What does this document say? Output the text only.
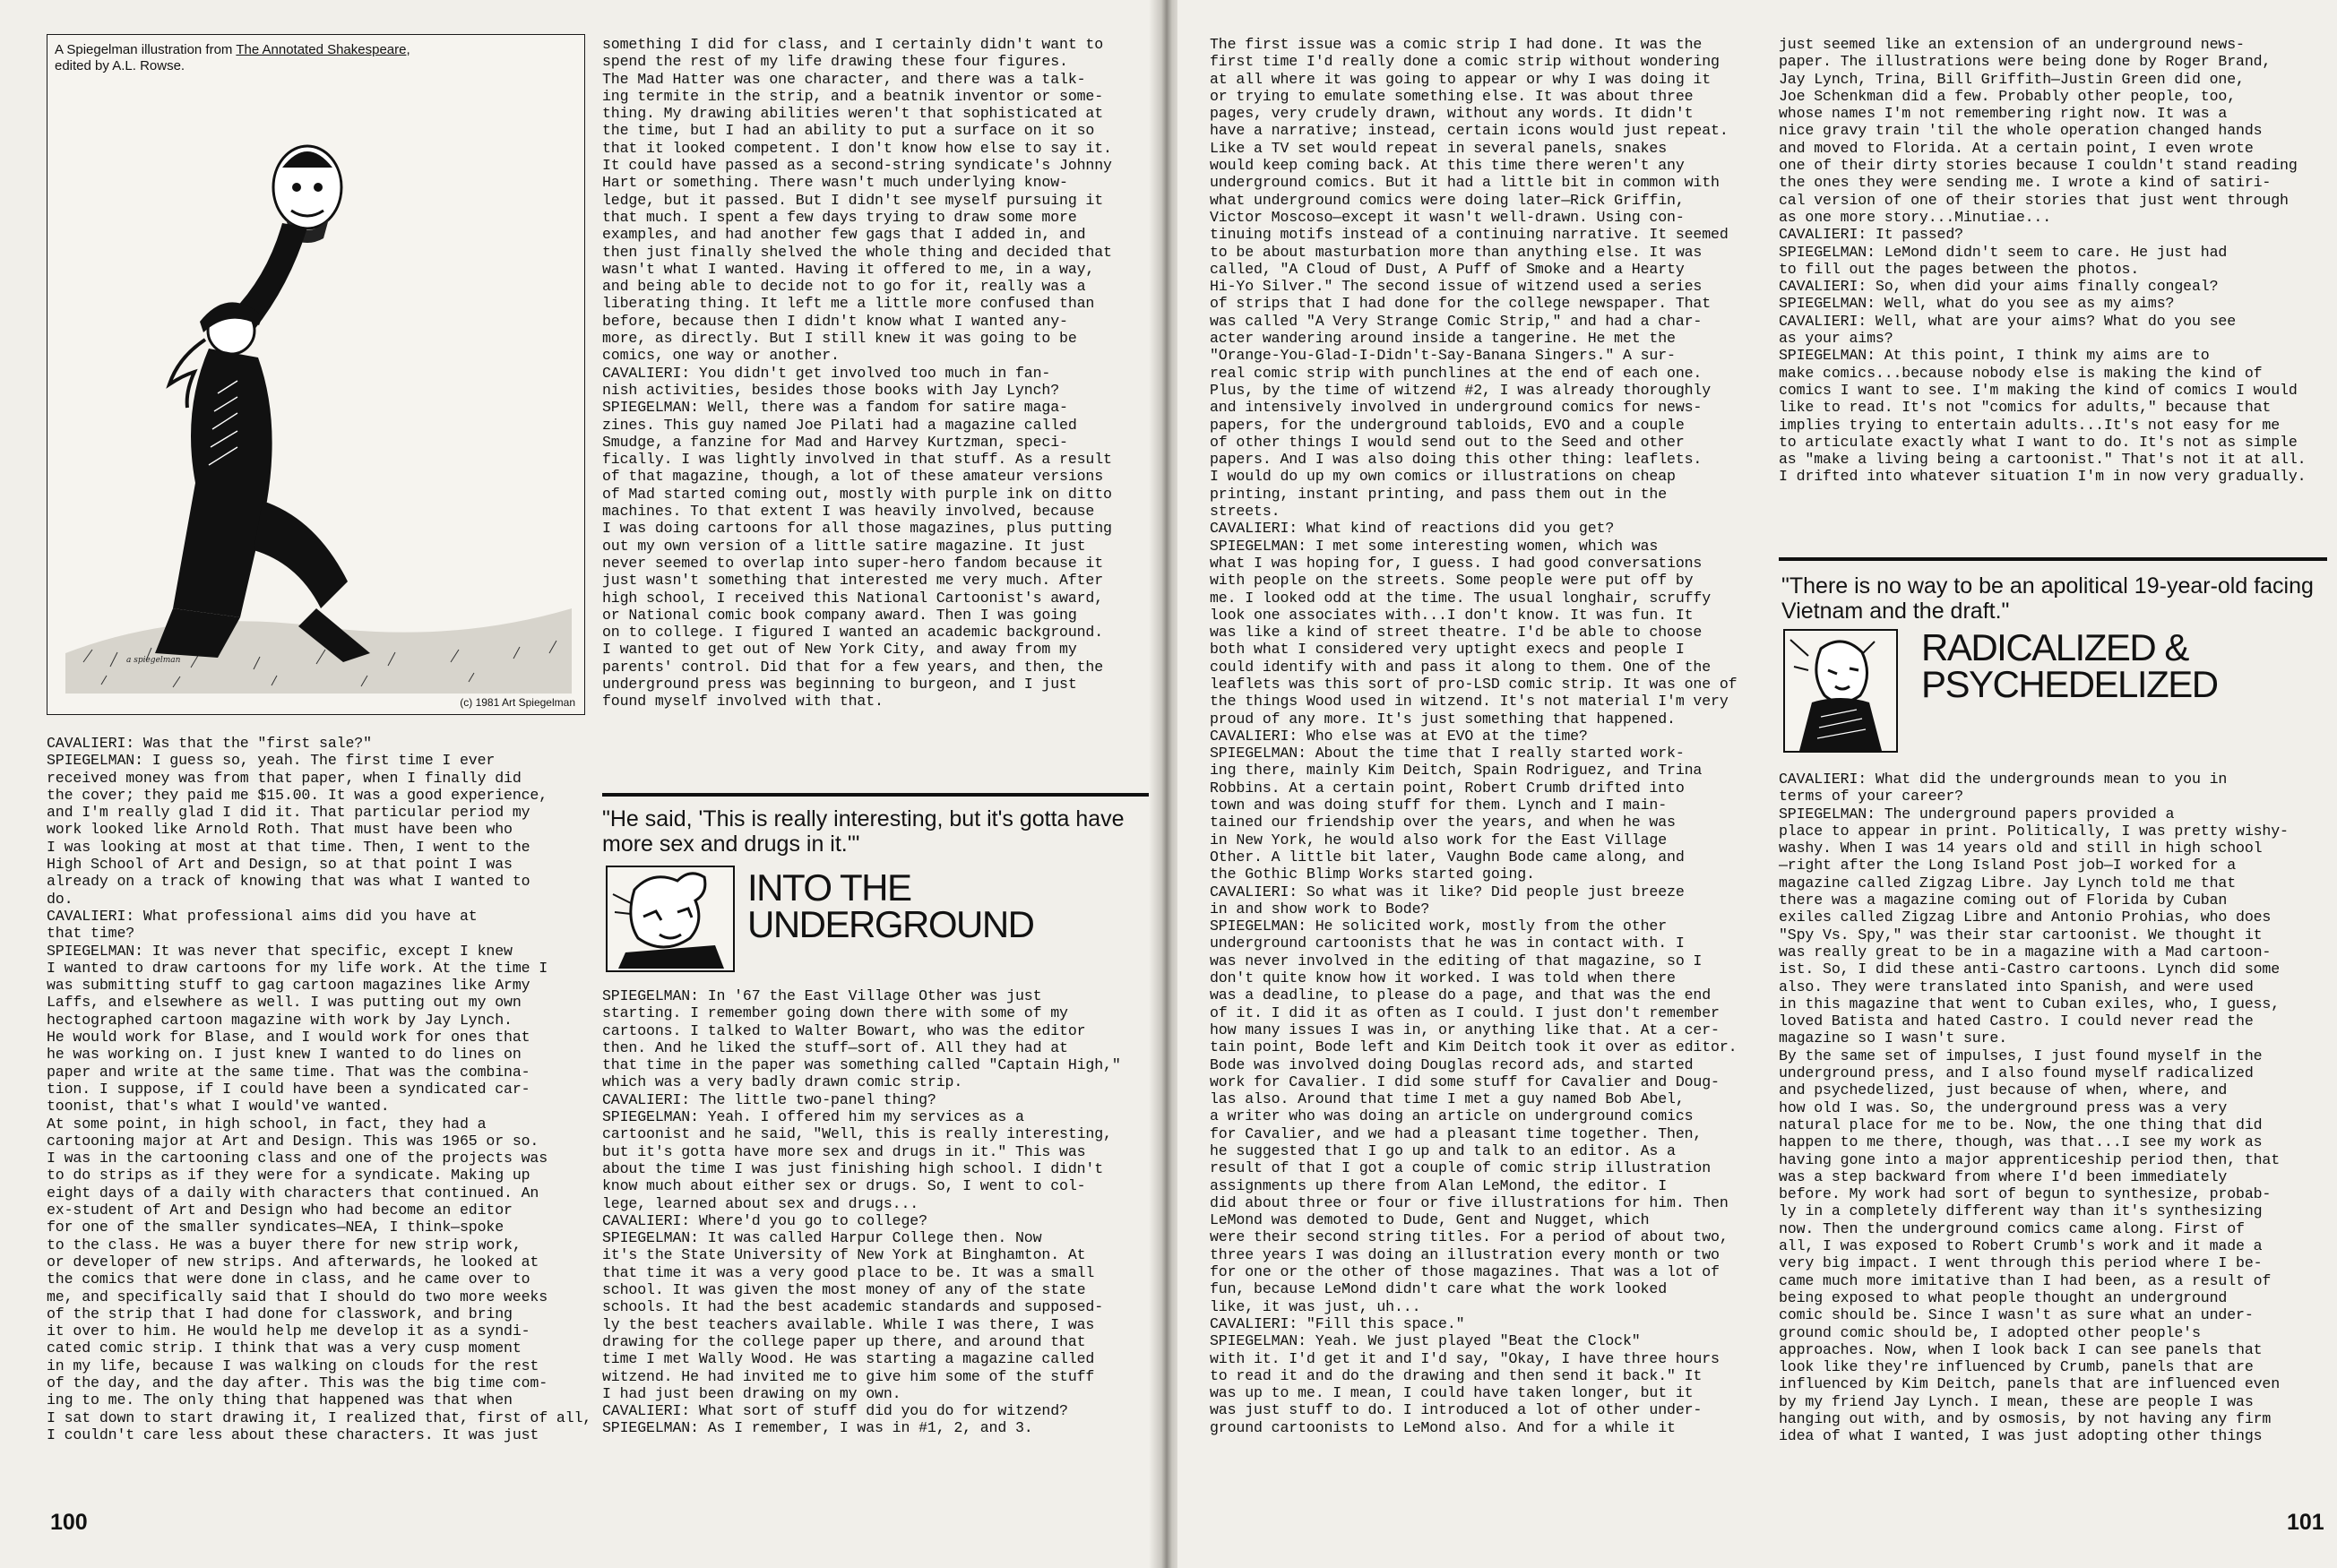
A Spiegelman illustration from The Annotated Shakespeare,
edited by A.L. Rowse.
a spiegelman
(c) 1981 Art Spiegelman
something I did for class, and I certainly didn't want to
spend the rest of my life drawing these four figures.
The Mad Hatter was one character, and there was a talk-
ing termite in the strip, and a beatnik inventor or some-
thing. My drawing abilities weren't that sophisticated at
the time, but I had an ability to put a surface on it so
that it looked competent. I don't know how else to say it.
It could have passed as a second-string syndicate's Johnny
Hart or something. There wasn't much underlying know-
ledge, but it passed. But I didn't see myself pursuing it
that much. I spent a few days trying to draw some more
examples, and had another few gags that I added in, and
then just finally shelved the whole thing and decided that
wasn't what I wanted. Having it offered to me, in a way,
and being able to decide not to go for it, really was a
liberating thing. It left me a little more confused than
before, because then I didn't know what I wanted any-
more, as directly. But I still knew it was going to be
comics, one way or another.
CAVALIERI: You didn't get involved too much in fan-
nish activities, besides those books with Jay Lynch?
SPIEGELMAN: Well, there was a fandom for satire maga-
zines. This guy named Joe Pilati had a magazine called
Smudge, a fanzine for Mad and Harvey Kurtzman, speci-
fically. I was lightly involved in that stuff. As a result
of that magazine, though, a lot of these amateur versions
of Mad started coming out, mostly with purple ink on ditto
machines. To that extent I was heavily involved, because
I was doing cartoons for all those magazines, plus putting
out my own version of a little satire magazine. It just
never seemed to overlap into super-hero fandom because it
just wasn't something that interested me very much. After
high school, I received this National Cartoonist's award,
or National comic book company award. Then I was going
on to college. I figured I wanted an academic background.
I wanted to get out of New York City, and away from my
parents' control. Did that for a few years, and then, the
underground press was beginning to burgeon, and I just
found myself involved with that.
CAVALIERI: Was that the "first sale?"
SPIEGELMAN: I guess so, yeah. The first time I ever
received money was from that paper, when I finally did
the cover; they paid me $15.00. It was a good experience,
and I'm really glad I did it. That particular period my
work looked like Arnold Roth. That must have been who
I was looking at most at that time. Then, I went to the
High School of Art and Design, so at that point I was
already on a track of knowing that was what I wanted to
do.
CAVALIERI: What professional aims did you have at
that time?
SPIEGELMAN: It was never that specific, except I knew
I wanted to draw cartoons for my life work. At the time I
was submitting stuff to gag cartoon magazines like Army
Laffs, and elsewhere as well. I was putting out my own
hectographed cartoon magazine with work by Jay Lynch.
He would work for Blase, and I would work for ones that
he was working on. I just knew I wanted to do lines on
paper and write at the same time. That was the combina-
tion. I suppose, if I could have been a syndicated car-
toonist, that's what I would've wanted.
At some point, in high school, in fact, they had a
cartooning major at Art and Design. This was 1965 or so.
I was in the cartooning class and one of the projects was
to do strips as if they were for a syndicate. Making up
eight days of a daily with characters that continued. An
ex-student of Art and Design who had become an editor
for one of the smaller syndicates—NEA, I think—spoke
to the class. He was a buyer there for new strip work,
or developer of new strips. And afterwards, he looked at
the comics that were done in class, and he came over to
me, and specifically said that I should do two more weeks
of the strip that I had done for classwork, and bring
it over to him. He would help me develop it as a syndi-
cated comic strip. I think that was a very cusp moment
in my life, because I was walking on clouds for the rest
of the day, and the day after. This was the big time com-
ing to me. The only thing that happened was that when
I sat down to start drawing it, I realized that, first of all,
I couldn't care less about these characters. It was just
"He said, 'This is really interesting, but it's gotta have more sex and drugs in it.'"
INTO THE
UNDERGROUND
SPIEGELMAN: In '67 the East Village Other was just
starting. I remember going down there with some of my
cartoons. I talked to Walter Bowart, who was the editor
then. And he liked the stuff—sort of. All they had at
that time in the paper was something called "Captain High,"
which was a very badly drawn comic strip.
CAVALIERI: The little two-panel thing?
SPIEGELMAN: Yeah. I offered him my services as a
cartoonist and he said, "Well, this is really interesting,
but it's gotta have more sex and drugs in it." This was
about the time I was just finishing high school. I didn't
know much about either sex or drugs. So, I went to col-
lege, learned about sex and drugs...
CAVALIERI: Where'd you go to college?
SPIEGELMAN: It was called Harpur College then. Now
it's the State University of New York at Binghamton. At
that time it was a very good place to be. It was a small
school. It was given the most money of any of the state
schools. It had the best academic standards and supposed-
ly the best teachers available. While I was there, I was
drawing for the college paper up there, and around that
time I met Wally Wood. He was starting a magazine called
witzend. He had invited me to give him some of the stuff
I had just been drawing on my own.
CAVALIERI: What sort of stuff did you do for witzend?
SPIEGELMAN: As I remember, I was in #1, 2, and 3.
100
The first issue was a comic strip I had done. It was the
first time I'd really done a comic strip without wondering
at all where it was going to appear or why I was doing it
or trying to emulate something else. It was about three
pages, very crudely drawn, without any words. It didn't
have a narrative; instead, certain icons would just repeat.
Like a TV set would repeat in several panels, snakes
would keep coming back. At this time there weren't any
underground comics. But it had a little bit in common with
what underground comics were doing later—Rick Griffin,
Victor Moscoso—except it wasn't well-drawn. Using con-
tinuing motifs instead of a continuing narrative. It seemed
to be about masturbation more than anything else. It was
called, "A Cloud of Dust, A Puff of Smoke and a Hearty
Hi-Yo Silver." The second issue of witzend used a series
of strips that I had done for the college newspaper. That
was called "A Very Strange Comic Strip," and had a char-
acter wandering around inside a tangerine. He met the
"Orange-You-Glad-I-Didn't-Say-Banana Singers." A sur-
real comic strip with punchlines at the end of each one.
Plus, by the time of witzend #2, I was already thoroughly
and intensively involved in underground comics for news-
papers, for the underground tabloids, EVO and a couple
of other things I would send out to the Seed and other
papers. And I was also doing this other thing: leaflets.
I would do up my own comics or illustrations on cheap
printing, instant printing, and pass them out in the
streets.
CAVALIERI: What kind of reactions did you get?
SPIEGELMAN: I met some interesting women, which was
what I was hoping for, I guess. I had good conversations
with people on the streets. Some people were put off by
me. I looked odd at the time. The usual longhair, scruffy
look one associates with...I don't know. It was fun. It
was like a kind of street theatre. I'd be able to choose
both what I considered very uptight execs and people I
could identify with and pass it along to them. One of the
leaflets was this sort of pro-LSD comic strip. It was one of
the things Wood used in witzend. It's not material I'm very
proud of any more. It's just something that happened.
CAVALIERI: Who else was at EVO at the time?
SPIEGELMAN: About the time that I really started work-
ing there, mainly Kim Deitch, Spain Rodriguez, and Trina
Robbins. At a certain point, Robert Crumb drifted into
town and was doing stuff for them. Lynch and I main-
tained our friendship over the years, and when he was
in New York, he would also work for the East Village
Other. A little bit later, Vaughn Bode came along, and
the Gothic Blimp Works started going.
CAVALIERI: So what was it like? Did people just breeze
in and show work to Bode?
SPIEGELMAN: He solicited work, mostly from the other
underground cartoonists that he was in contact with. I
was never involved in the editing of that magazine, so I
don't quite know how it worked. I was told when there
was a deadline, to please do a page, and that was the end
of it. I did it as often as I could. I just don't remember
how many issues I was in, or anything like that. At a cer-
tain point, Bode left and Kim Deitch took it over as editor.
Bode was involved doing Douglas record ads, and started
work for Cavalier. I did some stuff for Cavalier and Doug-
las also. Around that time I met a guy named Bob Abel,
a writer who was doing an article on underground comics
for Cavalier, and we had a pleasant time together. Then,
he suggested that I go up and talk to an editor. As a
result of that I got a couple of comic strip illustration
assignments up there from Alan LeMond, the editor. I
did about three or four or five illustrations for him. Then
LeMond was demoted to Dude, Gent and Nugget, which
were their second string titles. For a period of about two,
three years I was doing an illustration every month or two
for one or the other of those magazines. That was a lot of
fun, because LeMond didn't care what the work looked
like, it was just, uh...
CAVALIERI: "Fill this space."
SPIEGELMAN: Yeah. We just played "Beat the Clock"
with it. I'd get it and I'd say, "Okay, I have three hours
to read it and do the drawing and then send it back." It
was up to me. I mean, I could have taken longer, but it
was just stuff to do. I introduced a lot of other under-
ground cartoonists to LeMond also. And for a while it
just seemed like an extension of an underground news-
paper. The illustrations were being done by Roger Brand,
Jay Lynch, Trina, Bill Griffith—Justin Green did one,
Joe Schenkman did a few. Probably other people, too,
whose names I'm not remembering right now. It was a
nice gravy train 'til the whole operation changed hands
and moved to Florida. At a certain point, I even wrote
one of their dirty stories because I couldn't stand reading
the ones they were sending me. I wrote a kind of satiri-
cal version of one of their stories that just went through
as one more story...Minutiae...
CAVALIERI: It passed?
SPIEGELMAN: LeMond didn't seem to care. He just had
to fill out the pages between the photos.
CAVALIERI: So, when did your aims finally congeal?
SPIEGELMAN: Well, what do you see as my aims?
CAVALIERI: Well, what are your aims? What do you see
as your aims?
SPIEGELMAN: At this point, I think my aims are to
make comics...because nobody else is making the kind of
comics I want to see. I'm making the kind of comics I would
like to read. It's not "comics for adults," because that
implies trying to entertain adults...It's not easy for me
to articulate exactly what I want to do. It's not as simple
as "make a living being a cartoonist." That's not it at all.
I drifted into whatever situation I'm in now very gradually.
"There is no way to be an apolitical 19-year-old facing Vietnam and the draft."
RADICALIZED &
PSYCHEDELIZED
CAVALIERI: What did the undergrounds mean to you in
terms of your career?
SPIEGELMAN: The underground papers provided a
place to appear in print. Politically, I was pretty wishy-
washy. When I was 14 years old and still in high school
—right after the Long Island Post job—I worked for a
magazine called Zigzag Libre. Jay Lynch told me that
there was a magazine coming out of Florida by Cuban
exiles called Zigzag Libre and Antonio Prohias, who does
"Spy Vs. Spy," was their star cartoonist. We thought it
was really great to be in a magazine with a Mad cartoon-
ist. So, I did these anti-Castro cartoons. Lynch did some
also. They were translated into Spanish, and were used
in this magazine that went to Cuban exiles, who, I guess,
loved Batista and hated Castro. I could never read the
magazine so I wasn't sure.
By the same set of impulses, I just found myself in the
underground press, and I also found myself radicalized
and psychedelized, just because of when, where, and
how old I was. So, the underground press was a very
natural place for me to be. Now, the one thing that did
happen to me there, though, was that...I see my work as
having gone into a major apprenticeship period then, that
was a step backward from where I'd been immediately
before. My work had sort of begun to synthesize, probab-
ly in a completely different way than it's synthesizing
now. Then the underground comics came along. First of
all, I was exposed to Robert Crumb's work and it made a
very big impact. I went through this period where I be-
came much more imitative than I had been, as a result of
being exposed to what people thought an underground
comic should be. Since I wasn't as sure what an under-
ground comic should be, I adopted other people's
approaches. Now, when I look back I can see panels that
look like they're influenced by Crumb, panels that are
influenced by Kim Deitch, panels that are influenced even
by my friend Jay Lynch. I mean, these are people I was
hanging out with, and by osmosis, by not having any firm
idea of what I wanted, I was just adopting other things
101
